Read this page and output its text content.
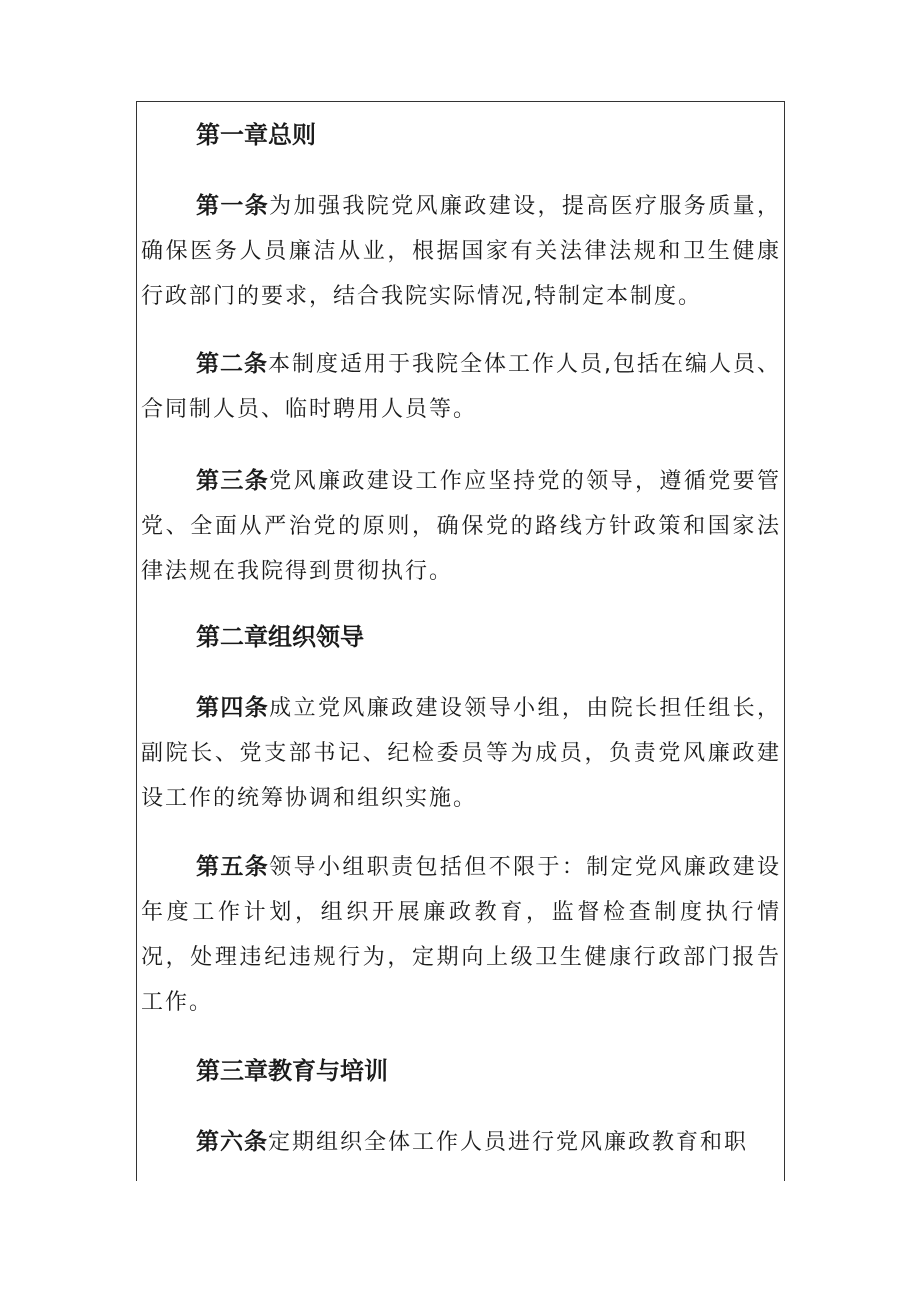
第一章总则

第一条为加强我院党风廉政建设，提高医疗服务质量，确保医务人员廉洁从业，根据国家有关法律法规和卫生健康行政部门的要求，结合我院实际情况,特制定本制度。

第二条本制度适用于我院全体工作人员,包括在编人员、合同制人员、临时聘用人员等。

第三条党风廉政建设工作应坚持党的领导，遵循党要管党、全面从严治党的原则，确保党的路线方针政策和国家法律法规在我院得到贯彻执行。

第二章组织领导

第四条成立党风廉政建设领导小组，由院长担任组长，副院长、党支部书记、纪检委员等为成员，负责党风廉政建设工作的统筹协调和组织实施。

第五条领导小组职责包括但不限于：制定党风廉政建设年度工作计划，组织开展廉政教育，监督检查制度执行情况，处理违纪违规行为，定期向上级卫生健康行政部门报告工作。

第三章教育与培训

第六条定期组织全体工作人员进行党风廉政教育和职
